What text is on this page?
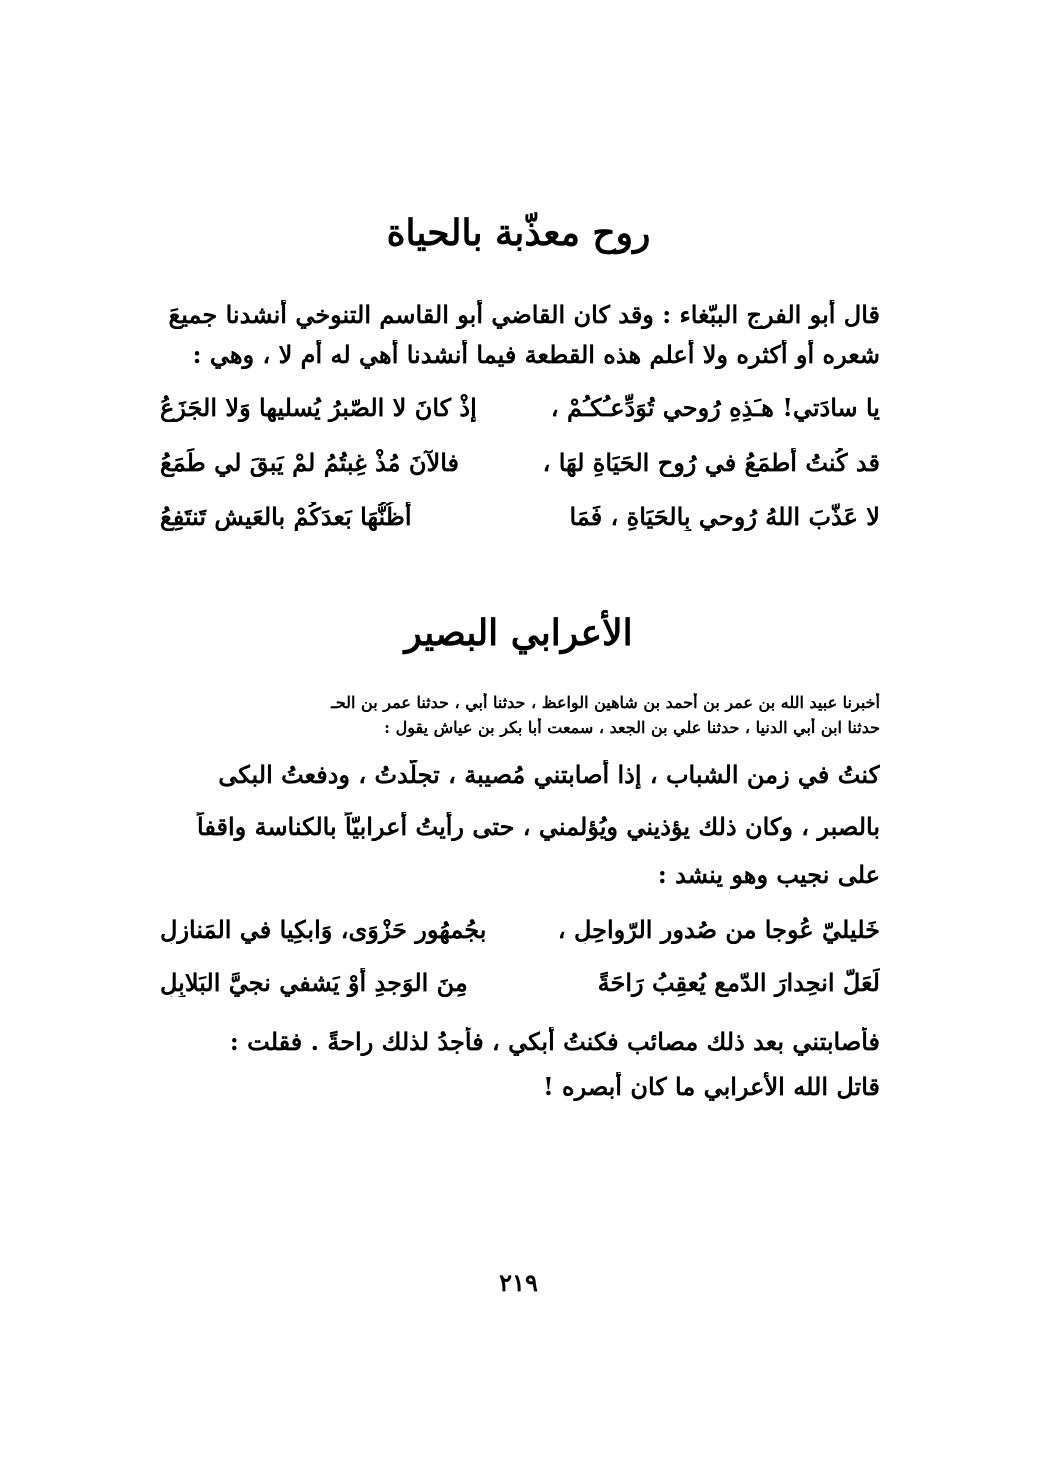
روح معذّبة بالحياة
قال أبو الفرج الببّغاء : وقد كان القاضي أبو القاسم التنوخي أنشدنا جميعَ
شعره أو أكثره ولا أعلم هذه القطعة فيما أنشدنا أهي له أم لا ، وهي :
يا سادَتي! هـَذِهِ رُوحي تُوَدِّعـُكـُمْ ،
إذْ كانَ لا الصّبرُ يُسليها وَلا الجَزَعُ
قد كُنتُ أطمَعُ في رُوحِ الحَيَاةِ لهَا ،
فالآنَ مُذْ غِبتُمُ لمْ يَبقَ لي طَمَعُ
لا عَذّبَ اللهُ رُوحي بِالحَيَاةِ ، فَمَا
أظُنُّهَا بَعدَكُمْ بالعَيشِ تَنتَفِعُ
الأعرابي البصير
أخبرنا عبيد الله بن عمر بن أحمد بن شاهين الواعظ ، حدثنا أبي ، حدثنا عمر بن الحـ
حدثنا ابن أبي الدنيا ، حدثنا علي بن الجعد ، سمعت أبا بكر بن عياش يقول :
كنتُ في زمن الشباب ، إذا أصابتني مُصيبة ، تجلّدتُ ، ودفعتُ البكى
بالصبر ، وكان ذلك يؤذيني ويُؤلمني ، حتى رأيتُ أعرابيّاً بالكناسة واقفاً
على نجيب وهو ينشد :
خَليليّ عُوجا من صُدورِ الرّواحِلِ ،
بجُمهُورِ حَزْوَى، وَابكِيا في المَنازِلِ
لَعَلّ انحِدارَ الدّمعِ يُعقِبُ رَاحَةً
مِنَ الوَجدِ أوْ يَشفي نجيَّ البَلابِلِ
فأصابتني بعد ذلك مصائب فكنتُ أبكي ، فأجدُ لذلك راحةً . فقلت :
قاتل الله الأعرابي ما كان أبصره !
٢١٩
